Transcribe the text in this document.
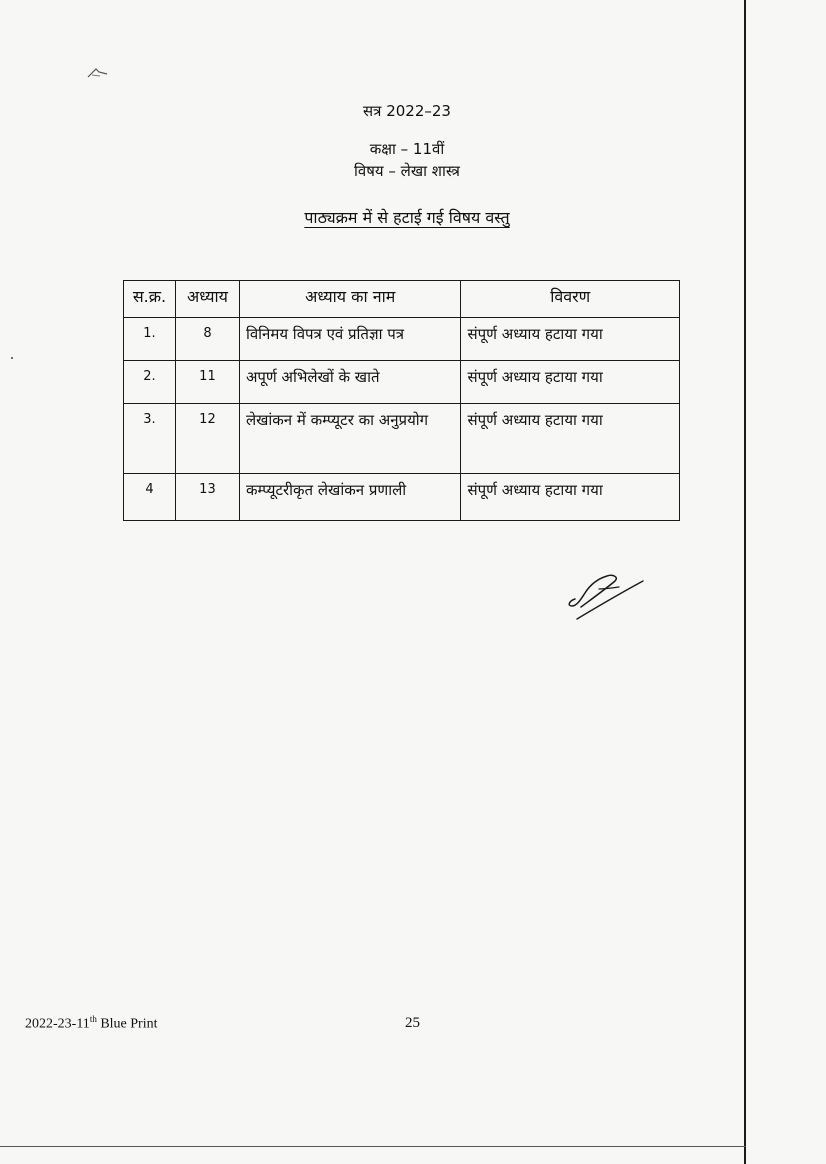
सत्र 2022–23
कक्षा – 11वीं
विषय – लेखा शास्त्र
पाठ्यक्रम में से हटाई गई विषय वस्तु
स.क्र.	अध्याय	अध्याय का नाम	विवरण
1.	8	विनिमय विपत्र एवं प्रतिज्ञा पत्र	संपूर्ण अध्याय हटाया गया
2.	11	अपूर्ण अभिलेखों के खाते	संपूर्ण अध्याय हटाया गया
3.	12	लेखांकन में कम्प्यूटर का अनुप्रयोग	संपूर्ण अध्याय हटाया गया
4	13	कम्प्यूटरीकृत लेखांकन प्रणाली	संपूर्ण अध्याय हटाया गया
2022-23-11th Blue Print	25
